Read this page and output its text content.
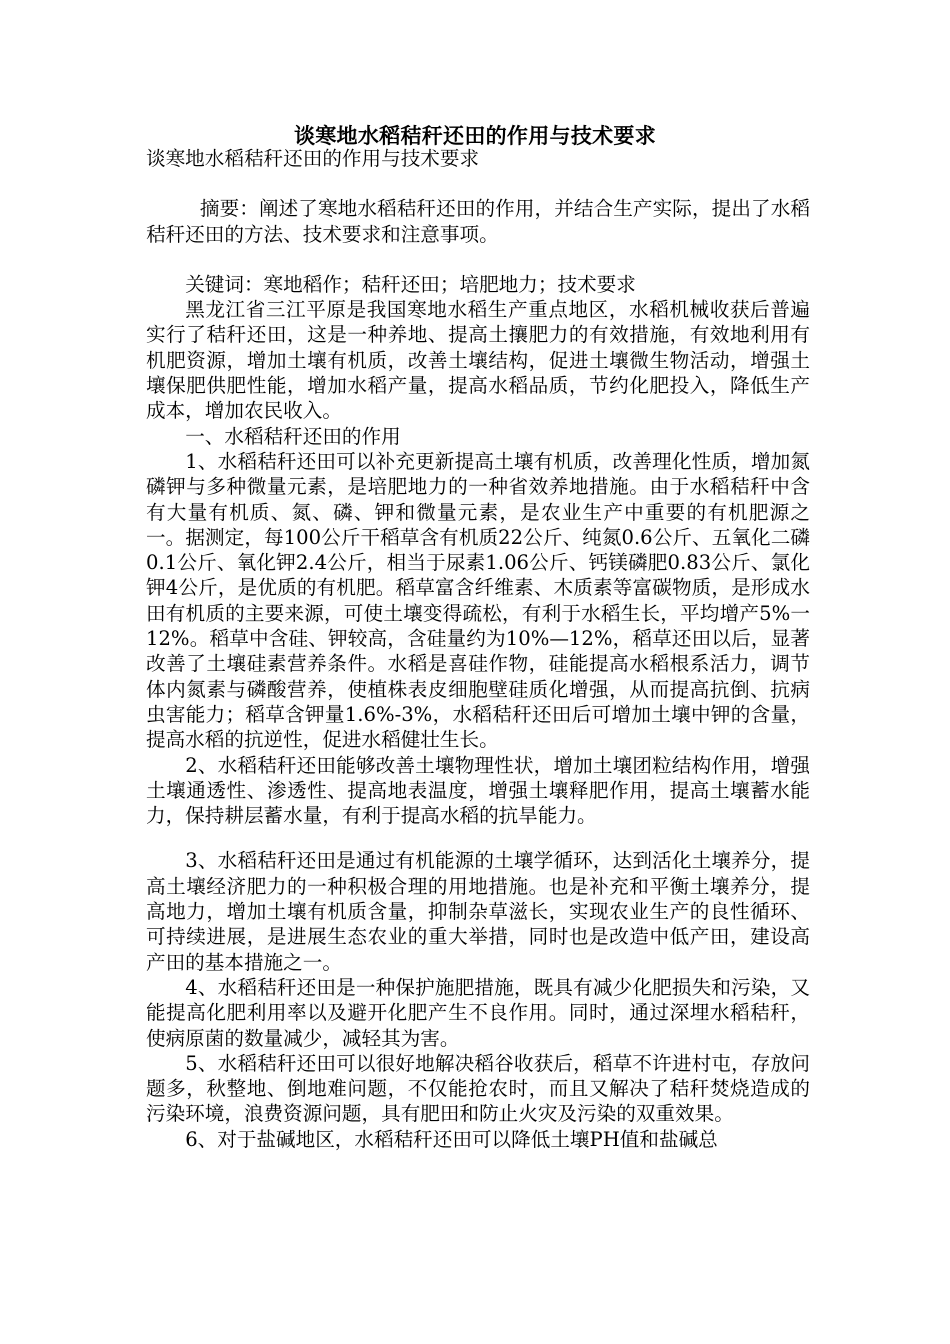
谈寒地水稻秸秆还田的作用与技术要求

谈寒地水稻秸秆还田的作用与技术要求

摘要：阐述了寒地水稻秸秆还田的作用，并结合生产实际，提出了水稻秸秆还田的方法、技术要求和注意事项。

关键词：寒地稻作；秸秆还田；培肥地力；技术要求

黑龙江省三江平原是我国寒地水稻生产重点地区，水稻机械收获后普遍实行了秸秆还田，这是一种养地、提高土攘肥力的有效措施，有效地利用有机肥资源，增加土壤有机质，改善土壤结构，促进土壤微生物活动，增强土壤保肥供肥性能，增加水稻产量，提高水稻品质，节约化肥投入，降低生产成本，增加农民收入。

一、水稻秸秆还田的作用

1、水稻秸秆还田可以补充更新提高土壤有机质，改善理化性质，增加氮磷钾与多种微量元素，是培肥地力的一种省效养地措施。由于水稻秸秆中含有大量有机质、氮、磷、钾和微量元素，是农业生产中重要的有机肥源之一。据测定，每100公斤干稻草含有机质22公斤、纯氮0.6公斤、五氧化二磷0.1公斤、氧化钾2.4公斤，相当于尿素1.06公斤、钙镁磷肥0.83公斤、氯化钾4公斤，是优质的有机肥。稻草富含纤维素、木质素等富碳物质，是形成水田有机质的主要来源，可使土壤变得疏松，有利于水稻生长，平均增产5%一12%。稻草中含硅、钾较高，含硅量约为10%—12%，稻草还田以后，显著改善了土壤硅素营养条件。水稻是喜硅作物，硅能提高水稻根系活力，调节体内氮素与磷酸营养，使植株表皮细胞壁硅质化增强，从而提高抗倒、抗病虫害能力；稻草含钾量1.6%-3%，水稻秸秆还田后可增加土壤中钾的含量，提高水稻的抗逆性，促进水稻健壮生长。

2、水稻秸秆还田能够改善土壤物理性状，增加土壤团粒结构作用，增强土壤通透性、渗透性、提高地表温度，增强土壤释肥作用，提高土壤蓄水能力，保持耕层蓄水量，有利于提高水稻的抗旱能力。

3、水稻秸秆还田是通过有机能源的土壤学循环，达到活化土壤养分，提高土壤经济肥力的一种积极合理的用地措施。也是补充和平衡土壤养分，提高地力，增加土壤有机质含量，抑制杂草滋长，实现农业生产的良性循环、可持续进展，是进展生态农业的重大举措，同时也是改造中低产田，建设高产田的基本措施之一。

4、水稻秸秆还田是一种保护施肥措施，既具有减少化肥损失和污染，又能提高化肥利用率以及避开化肥产生不良作用。同时，通过深埋水稻秸秆，使病原菌的数量减少，减轻其为害。

5、水稻秸秆还田可以很好地解决稻谷收获后，稻草不许进村屯，存放问题多，秋整地、倒地难问题，不仅能抢农时，而且又解决了秸秆焚烧造成的污染环境，浪费资源问题，具有肥田和防止火灾及污染的双重效果。

6、对于盐碱地区，水稻秸秆还田可以降低土壤PH值和盐碱总
